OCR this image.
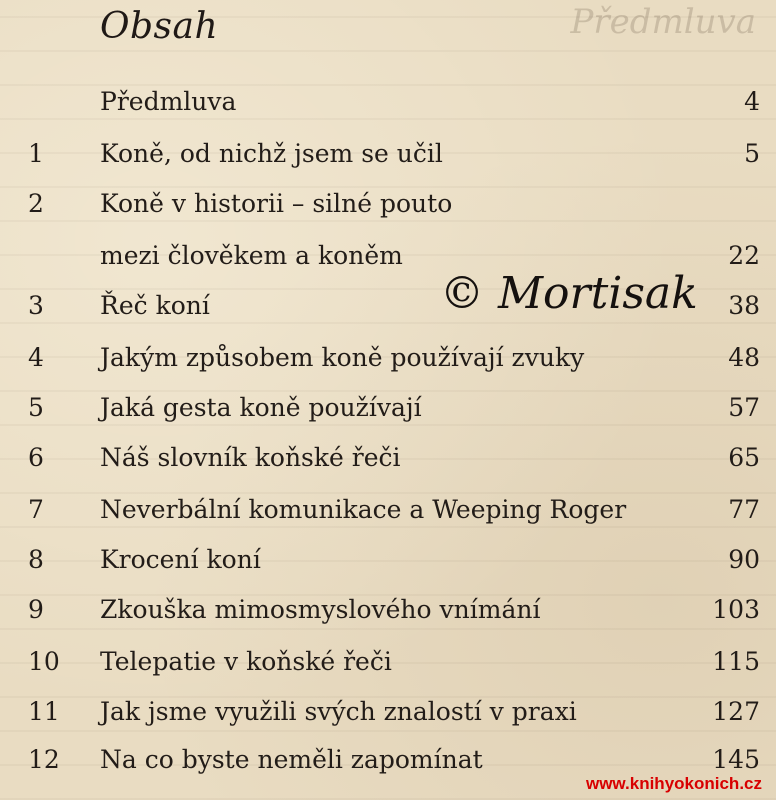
Předmluva
Obsah
Předmluva	4
1	Koně, od nichž jsem se učil	5
2	Koně v historii – silné pouto
mezi člověkem a koněm	22
3	Řeč koní	38
4	Jakým způsobem koně používají zvuky	48
5	Jaká gesta koně používají	57
6	Náš slovník koňské řeči	65
7	Neverbální komunikace a Weeping Roger	77
8	Krocení koní	90
9	Zkouška mimosmyslového vnímání	103
10	Telepatie v koňské řeči	115
11	Jak jsme využili svých znalostí v praxi	127
12	Na co byste neměli zapomínat	145
© Mortisak
www.knihyokonich.cz
